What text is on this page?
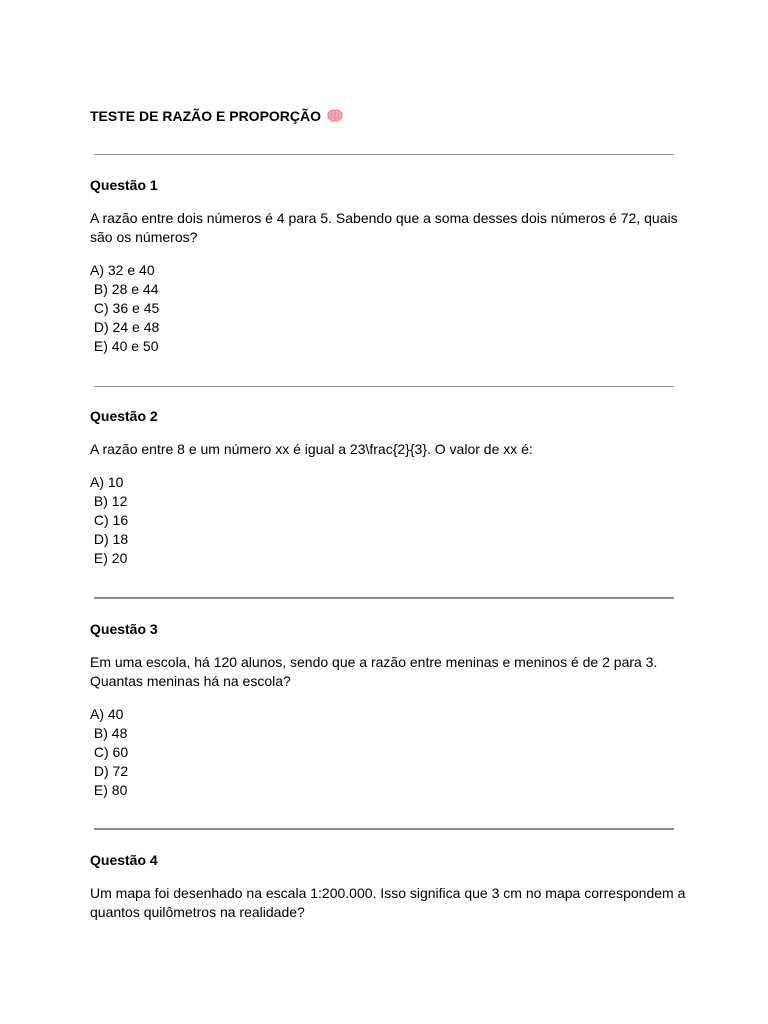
TESTE DE RAZÃO E PROPORÇÃO

Questão 1

A razão entre dois números é 4 para 5. Sabendo que a soma desses dois números é 72, quais são os números?

A) 32 e 40
B) 28 e 44
C) 36 e 45
D) 24 e 48
E) 40 e 50

Questão 2

A razão entre 8 e um número xx é igual a 23\frac{2}{3}. O valor de xx é:

A) 10
B) 12
C) 16
D) 18
E) 20

Questão 3

Em uma escola, há 120 alunos, sendo que a razão entre meninas e meninos é de 2 para 3. Quantas meninas há na escola?

A) 40
B) 48
C) 60
D) 72
E) 80

Questão 4

Um mapa foi desenhado na escala 1:200.000. Isso significa que 3 cm no mapa correspondem a quantos quilômetros na realidade?
